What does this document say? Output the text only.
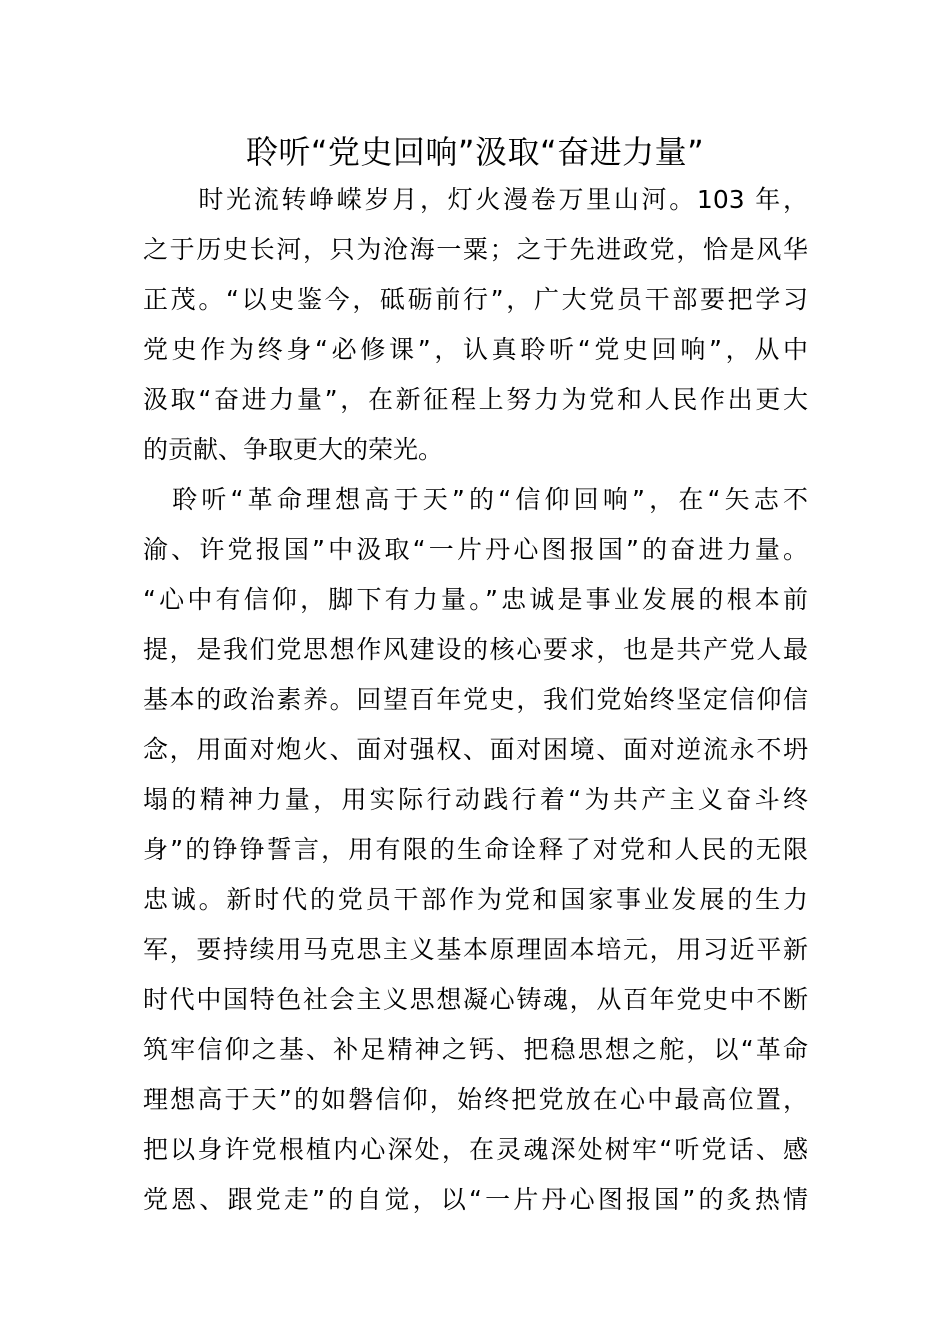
聆听“党史回响”汲取“奋进力量”
　　时光流转峥嵘岁月，灯火漫卷万里山河。103 年，
之于历史长河，只为沧海一粟；之于先进政党，恰是风华
正茂。“以史鉴今，砥砺前行”，广大党员干部要把学习
党史作为终身“必修课”，认真聆听“党史回响”，从中
汲取“奋进力量”，在新征程上努力为党和人民作出更大
的贡献、争取更大的荣光。
　聆听“革命理想高于天”的“信仰回响”，在“矢志不
渝、许党报国”中汲取“一片丹心图报国”的奋进力量。
“心中有信仰，脚下有力量。”忠诚是事业发展的根本前
提，是我们党思想作风建设的核心要求，也是共产党人最
基本的政治素养。回望百年党史，我们党始终坚定信仰信
念，用面对炮火、面对强权、面对困境、面对逆流永不坍
塌的精神力量，用实际行动践行着“为共产主义奋斗终
身”的铮铮誓言，用有限的生命诠释了对党和人民的无限
忠诚。新时代的党员干部作为党和国家事业发展的生力
军，要持续用马克思主义基本原理固本培元，用习近平新
时代中国特色社会主义思想凝心铸魂，从百年党史中不断
筑牢信仰之基、补足精神之钙、把稳思想之舵，以“革命
理想高于天”的如磐信仰，始终把党放在心中最高位置，
把以身许党根植内心深处，在灵魂深处树牢“听党话、感
党恩、跟党走”的自觉，以“一片丹心图报国”的炙热情
